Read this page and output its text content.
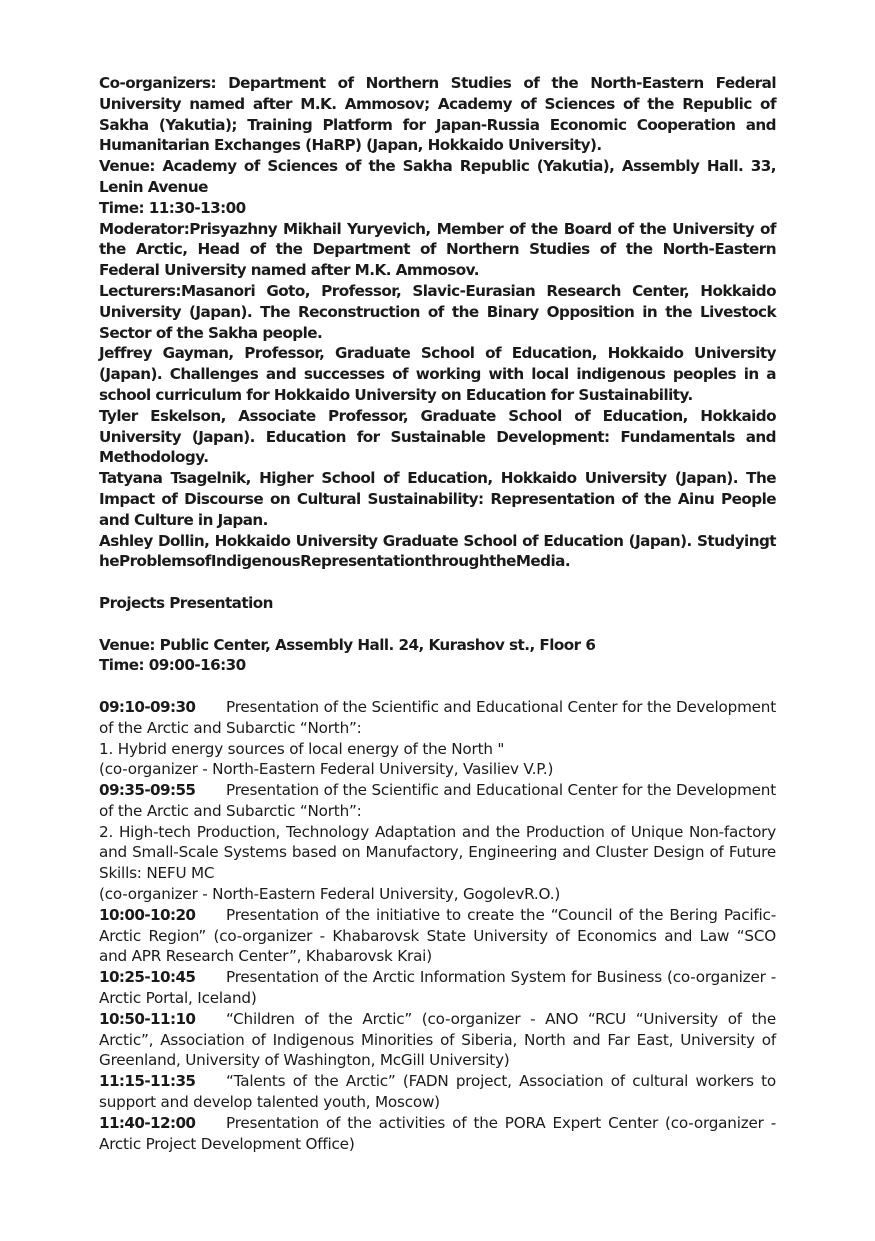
Co-organizers: Department of Northern Studies of the North-Eastern Federal University named after M.K. Ammosov; Academy of Sciences of the Republic of Sakha (Yakutia); Training Platform for Japan-Russia Economic Cooperation and Humanitarian Exchanges (HaRP) (Japan, Hokkaido University).

Venue: Academy of Sciences of the Sakha Republic (Yakutia), Assembly Hall. 33, Lenin Avenue

Time: 11:30-13:00

Moderator:Prisyazhny Mikhail Yuryevich, Member of the Board of the University of the Arctic, Head of the Department of Northern Studies of the North-Eastern Federal University named after M.K. Ammosov.

Lecturers:Masanori Goto, Professor, Slavic-Eurasian Research Center, Hokkaido University (Japan). The Reconstruction of the Binary Opposition in the Livestock Sector of the Sakha people.

Jeffrey Gayman, Professor, Graduate School of Education, Hokkaido University (Japan). Challenges and successes of working with local indigenous peoples in a school curriculum for Hokkaido University on Education for Sustainability.

Tyler Eskelson, Associate Professor, Graduate School of Education, Hokkaido University (Japan). Education for Sustainable Development: Fundamentals and Methodology.

Tatyana Tsagelnik, Higher School of Education, Hokkaido University (Japan). The Impact of Discourse on Cultural Sustainability: Representation of the Ainu People and Culture in Japan.

Ashley Dollin, Hokkaido University Graduate School of Education (Japan). Studyingt heProblemsofIndigenousRepresentationthroughtheMedia.

Projects Presentation

Venue: Public Center, Assembly Hall. 24, Kurashov st., Floor 6

Time: 09:00-16:30

09:10-09:30 Presentation of the Scientific and Educational Center for the Development of the Arctic and Subarctic “North”:

1. Hybrid energy sources of local energy of the North "

(co-organizer - North-Eastern Federal University, Vasiliev V.P.)

09:35-09:55 Presentation of the Scientific and Educational Center for the Development of the Arctic and Subarctic “North”:

2. High-tech Production, Technology Adaptation and the Production of Unique Non-factory and Small-Scale Systems based on Manufactory, Engineering and Cluster Design of Future Skills: NEFU MC

(co-organizer - North-Eastern Federal University, GogolevR.O.)

10:00-10:20 Presentation of the initiative to create the “Council of the Bering Pacific-Arctic Region” (co-organizer - Khabarovsk State University of Economics and Law “SCO and APR Research Center”, Khabarovsk Krai)

10:25-10:45 Presentation of the Arctic Information System for Business (co-organizer - Arctic Portal, Iceland)

10:50-11:10 “Children of the Arctic” (co-organizer - ANO “RCU “University of the Arctic”, Association of Indigenous Minorities of Siberia, North and Far East, University of Greenland, University of Washington, McGill University)

11:15-11:35 “Talents of the Arctic” (FADN project, Association of cultural workers to support and develop talented youth, Moscow)

11:40-12:00 Presentation of the activities of the PORA Expert Center (co-organizer - Arctic Project Development Office)
